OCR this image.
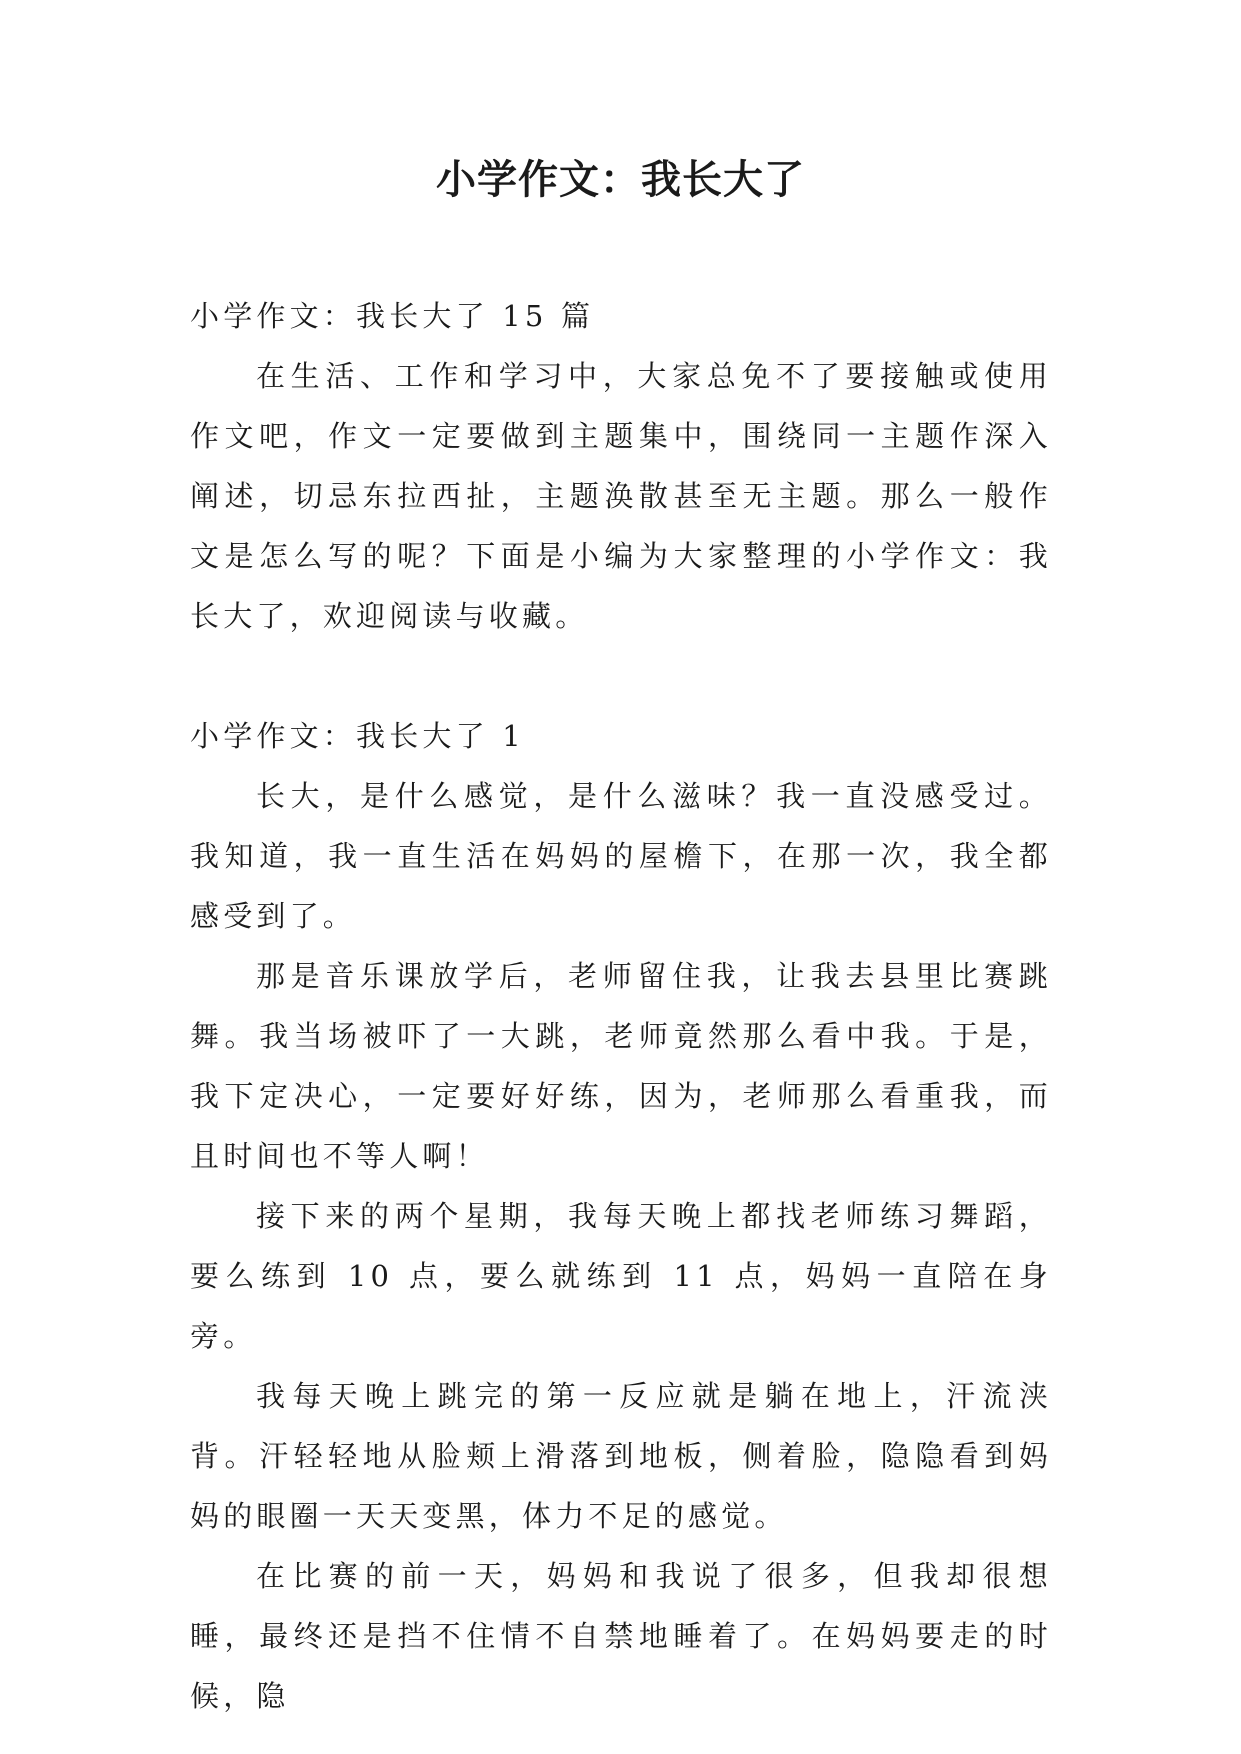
小学作文：我长大了

小学作文：我长大了 15 篇

在生活、工作和学习中，大家总免不了要接触或使用作文吧，作文一定要做到主题集中，围绕同一主题作深入阐述，切忌东拉西扯，主题涣散甚至无主题。那么一般作文是怎么写的呢？下面是小编为大家整理的小学作文：我长大了，欢迎阅读与收藏。

小学作文：我长大了 1

长大，是什么感觉，是什么滋味？我一直没感受过。我知道，我一直生活在妈妈的屋檐下，在那一次，我全都感受到了。

那是音乐课放学后，老师留住我，让我去县里比赛跳舞。我当场被吓了一大跳，老师竟然那么看中我。于是，我下定决心，一定要好好练，因为，老师那么看重我，而且时间也不等人啊！

接下来的两个星期，我每天晚上都找老师练习舞蹈，要么练到 10 点，要么就练到 11 点，妈妈一直陪在身旁。

我每天晚上跳完的第一反应就是躺在地上，汗流浃背。汗轻轻地从脸颊上滑落到地板，侧着脸，隐隐看到妈妈的眼圈一天天变黑，体力不足的感觉。

在比赛的前一天，妈妈和我说了很多，但我却很想睡，最终还是挡不住情不自禁地睡着了。在妈妈要走的时候，隐
